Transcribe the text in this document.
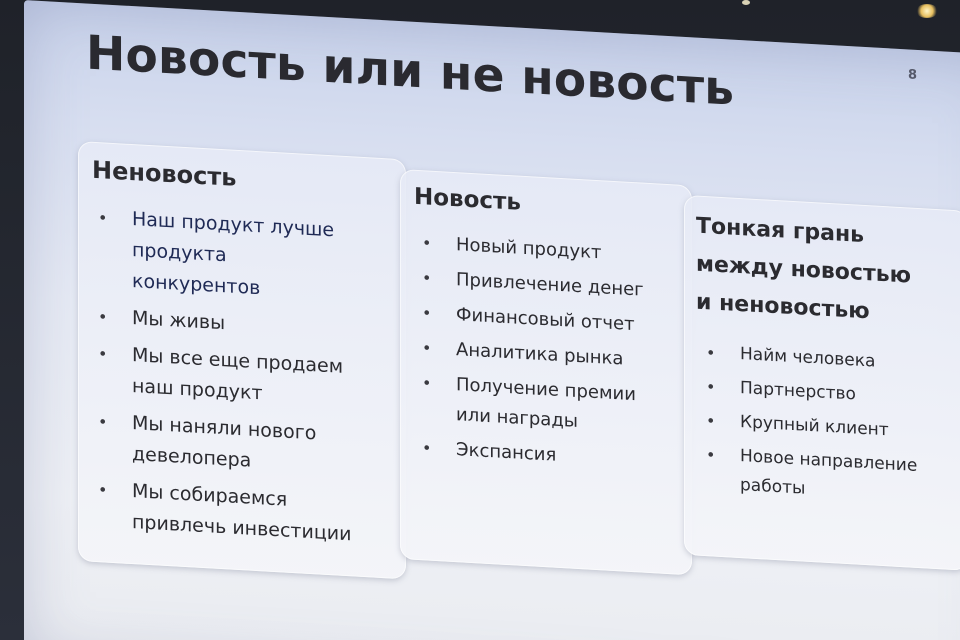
Новость или не новость	8
Неновость
• Наш продукт лучше
продукта
конкурентов
• Мы живы
• Мы все еще продаем
наш продукт
• Мы наняли нового
девелопера
• Мы собираемся
привлечь инвестиции
Новость
• Новый продукт
• Привлечение денег
• Финансовый отчет
• Аналитика рынка
• Получение премии
или награды
• Экспансия
Тонкая грань
между новостью
и неновостью
• Найм человека
• Партнерство
• Крупный клиент
• Новое направление
работы
